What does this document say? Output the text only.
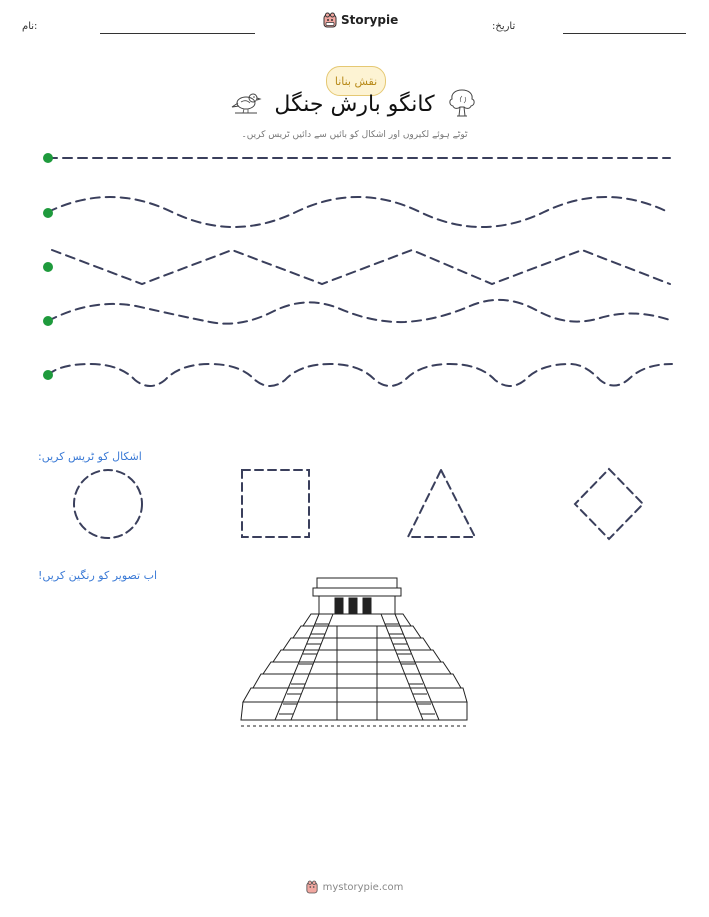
نام:	Storypie	تاریخ:
نقش بنانا
کانگو بارش جنگل
ٹوٹے ہوئے لکیروں اور اشکال کو بائیں سے دائیں ٹریس کریں۔
اشکال کو ٹریس کریں:
اب تصویر کو رنگین کریں!
mystorypie.com
